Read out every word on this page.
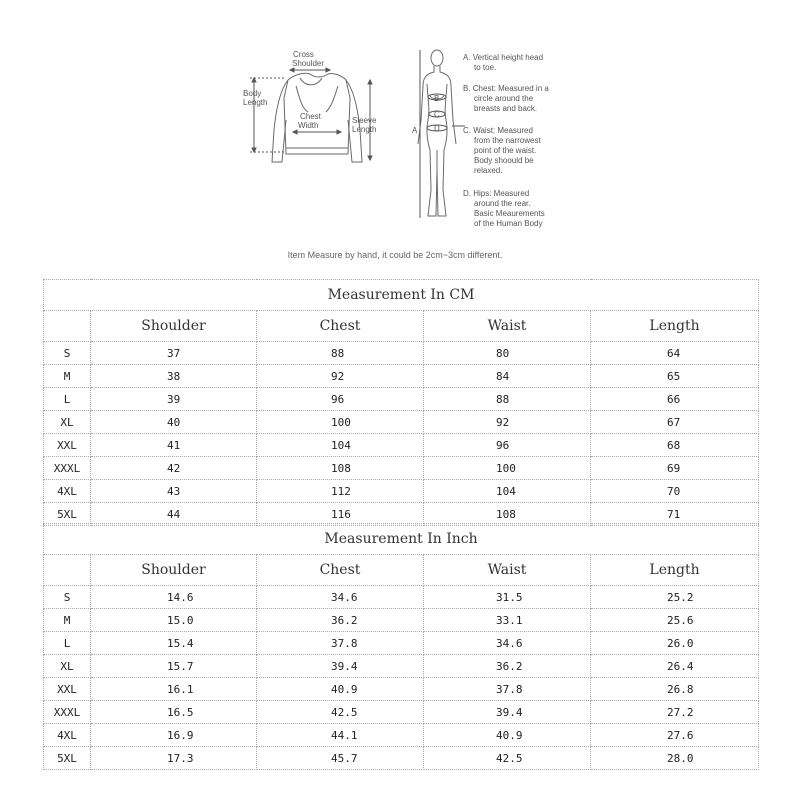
Cross Shoulder
Body Length
Chest Width
Sleeve Length	A
B
C
D
A. Vertical height head to toe.
B. Chest: Measured in a circle around the breasts and back.
C. Waist: Measured from the narrowest point of the waist. Body shoould be relaxed.
D. Hips: Measured around the rear. Basic Meaurements of the Human Body
Item Measure by hand, it could be 2cm~3cm different.
Measurement In CM				
	Shoulder	Chest	Waist	Length
S	37	88	80	64
M	38	92	84	65
L	39	96	88	66
XL	40	100	92	67
XXL	41	104	96	68
XXXL	42	108	100	69
4XL	43	112	104	70
5XL	44	116	108	71
Measurement In Inch				
	Shoulder	Chest	Waist	Length
S	14.6	34.6	31.5	25.2
M	15.0	36.2	33.1	25.6
L	15.4	37.8	34.6	26.0
XL	15.7	39.4	36.2	26.4
XXL	16.1	40.9	37.8	26.8
XXXL	16.5	42.5	39.4	27.2
4XL	16.9	44.1	40.9	27.6
5XL	17.3	45.7	42.5	28.0
